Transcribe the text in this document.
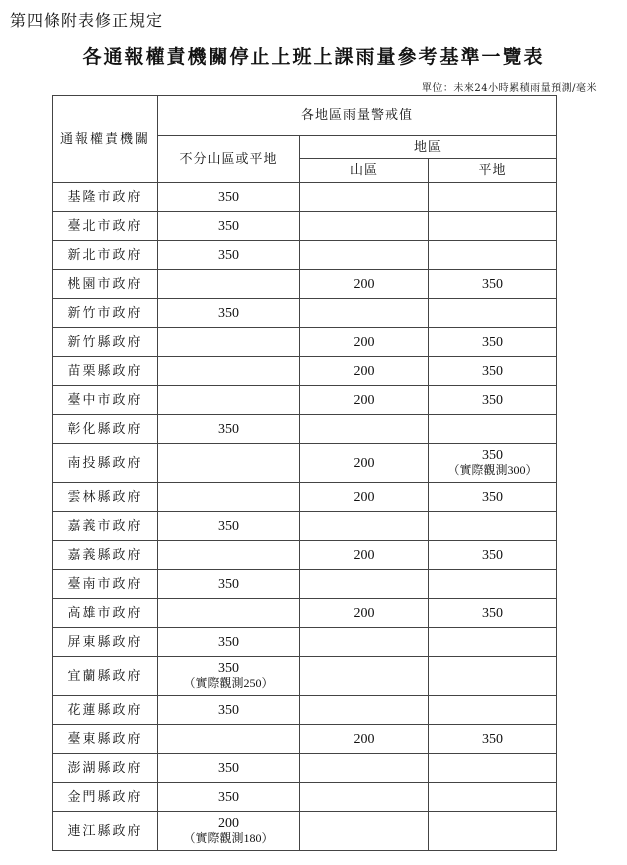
第四條附表修正規定
各通報權責機關停止上班上課雨量參考基準一覽表
單位：未來24小時累積雨量預測/毫米
通報權責機關	各地區雨量警戒值		
	不分山區或平地	地區	
		山區	平地
基隆市政府	350		
臺北市政府	350		
新北市政府	350		
桃園市政府		200	350
新竹市政府	350		
新竹縣政府		200	350
苗栗縣政府		200	350
臺中市政府		200	350
彰化縣政府	350		
南投縣政府		200	350

（實際觀測300）

雲林縣政府		200	350
嘉義市政府	350		
嘉義縣政府		200	350
臺南市政府	350		
高雄市政府		200	350
屏東縣政府	350		
宜蘭縣政府	350

（實際觀測250）		

花蓮縣政府	350		
臺東縣政府		200	350
澎湖縣政府	350		
金門縣政府	350		
連江縣政府	200

（實際觀測180）		
